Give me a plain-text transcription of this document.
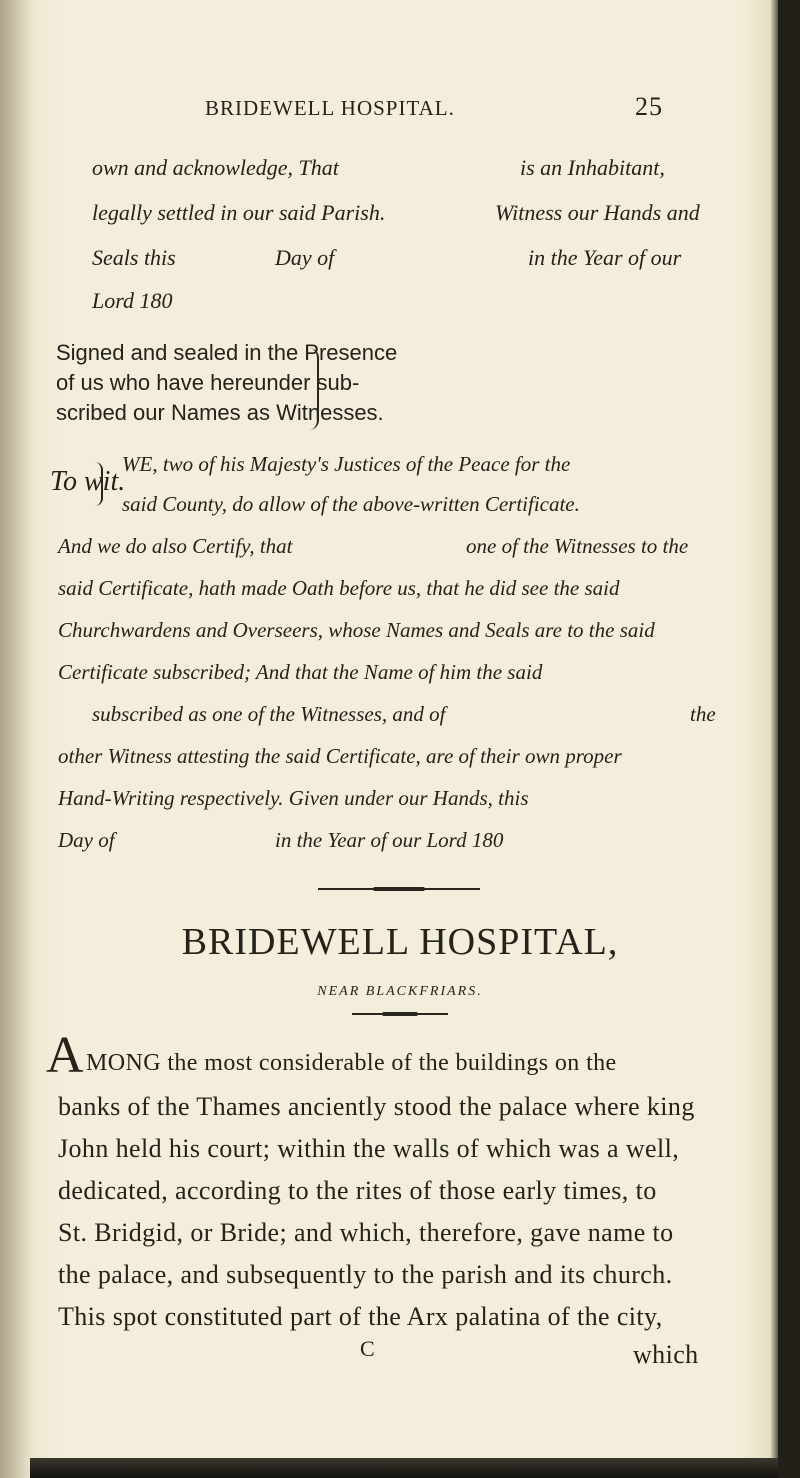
BRIDEWELL HOSPITAL.	25
own and acknowledge, That	is an Inhabitant,
legally settled in our said Parish.	Witness our Hands and
Seals this	Day of	in the Year of our
Lord 180
Signed and sealed in the Presence
of us who have hereunder sub-
scribed our Names as Witnesses.
To wit.
WE, two of his Majesty's Justices of the Peace for the
said County, do allow of the above-written Certificate.
And we do also Certify, that	one of the Witnesses to the
said Certificate, hath made Oath before us, that he did see the said
Churchwardens and Overseers, whose Names and Seals are to the said
Certificate subscribed; And that the Name of him the said
subscribed as one of the Witnesses, and of	the
other Witness attesting the said Certificate, are of their own proper
Hand-Writing respectively. Given under our Hands, this
Day of	in the Year of our Lord 180
BRIDEWELL HOSPITAL,
NEAR BLACKFRIARS.
A MONG the most considerable of the buildings on the
banks of the Thames anciently stood the palace where king
John held his court; within the walls of which was a well,
dedicated, according to the rites of those early times, to
St. Bridgid, or Bride; and which, therefore, gave name to
the palace, and subsequently to the parish and its church.
This spot constituted part of the Arx palatina of the city,
C	which
